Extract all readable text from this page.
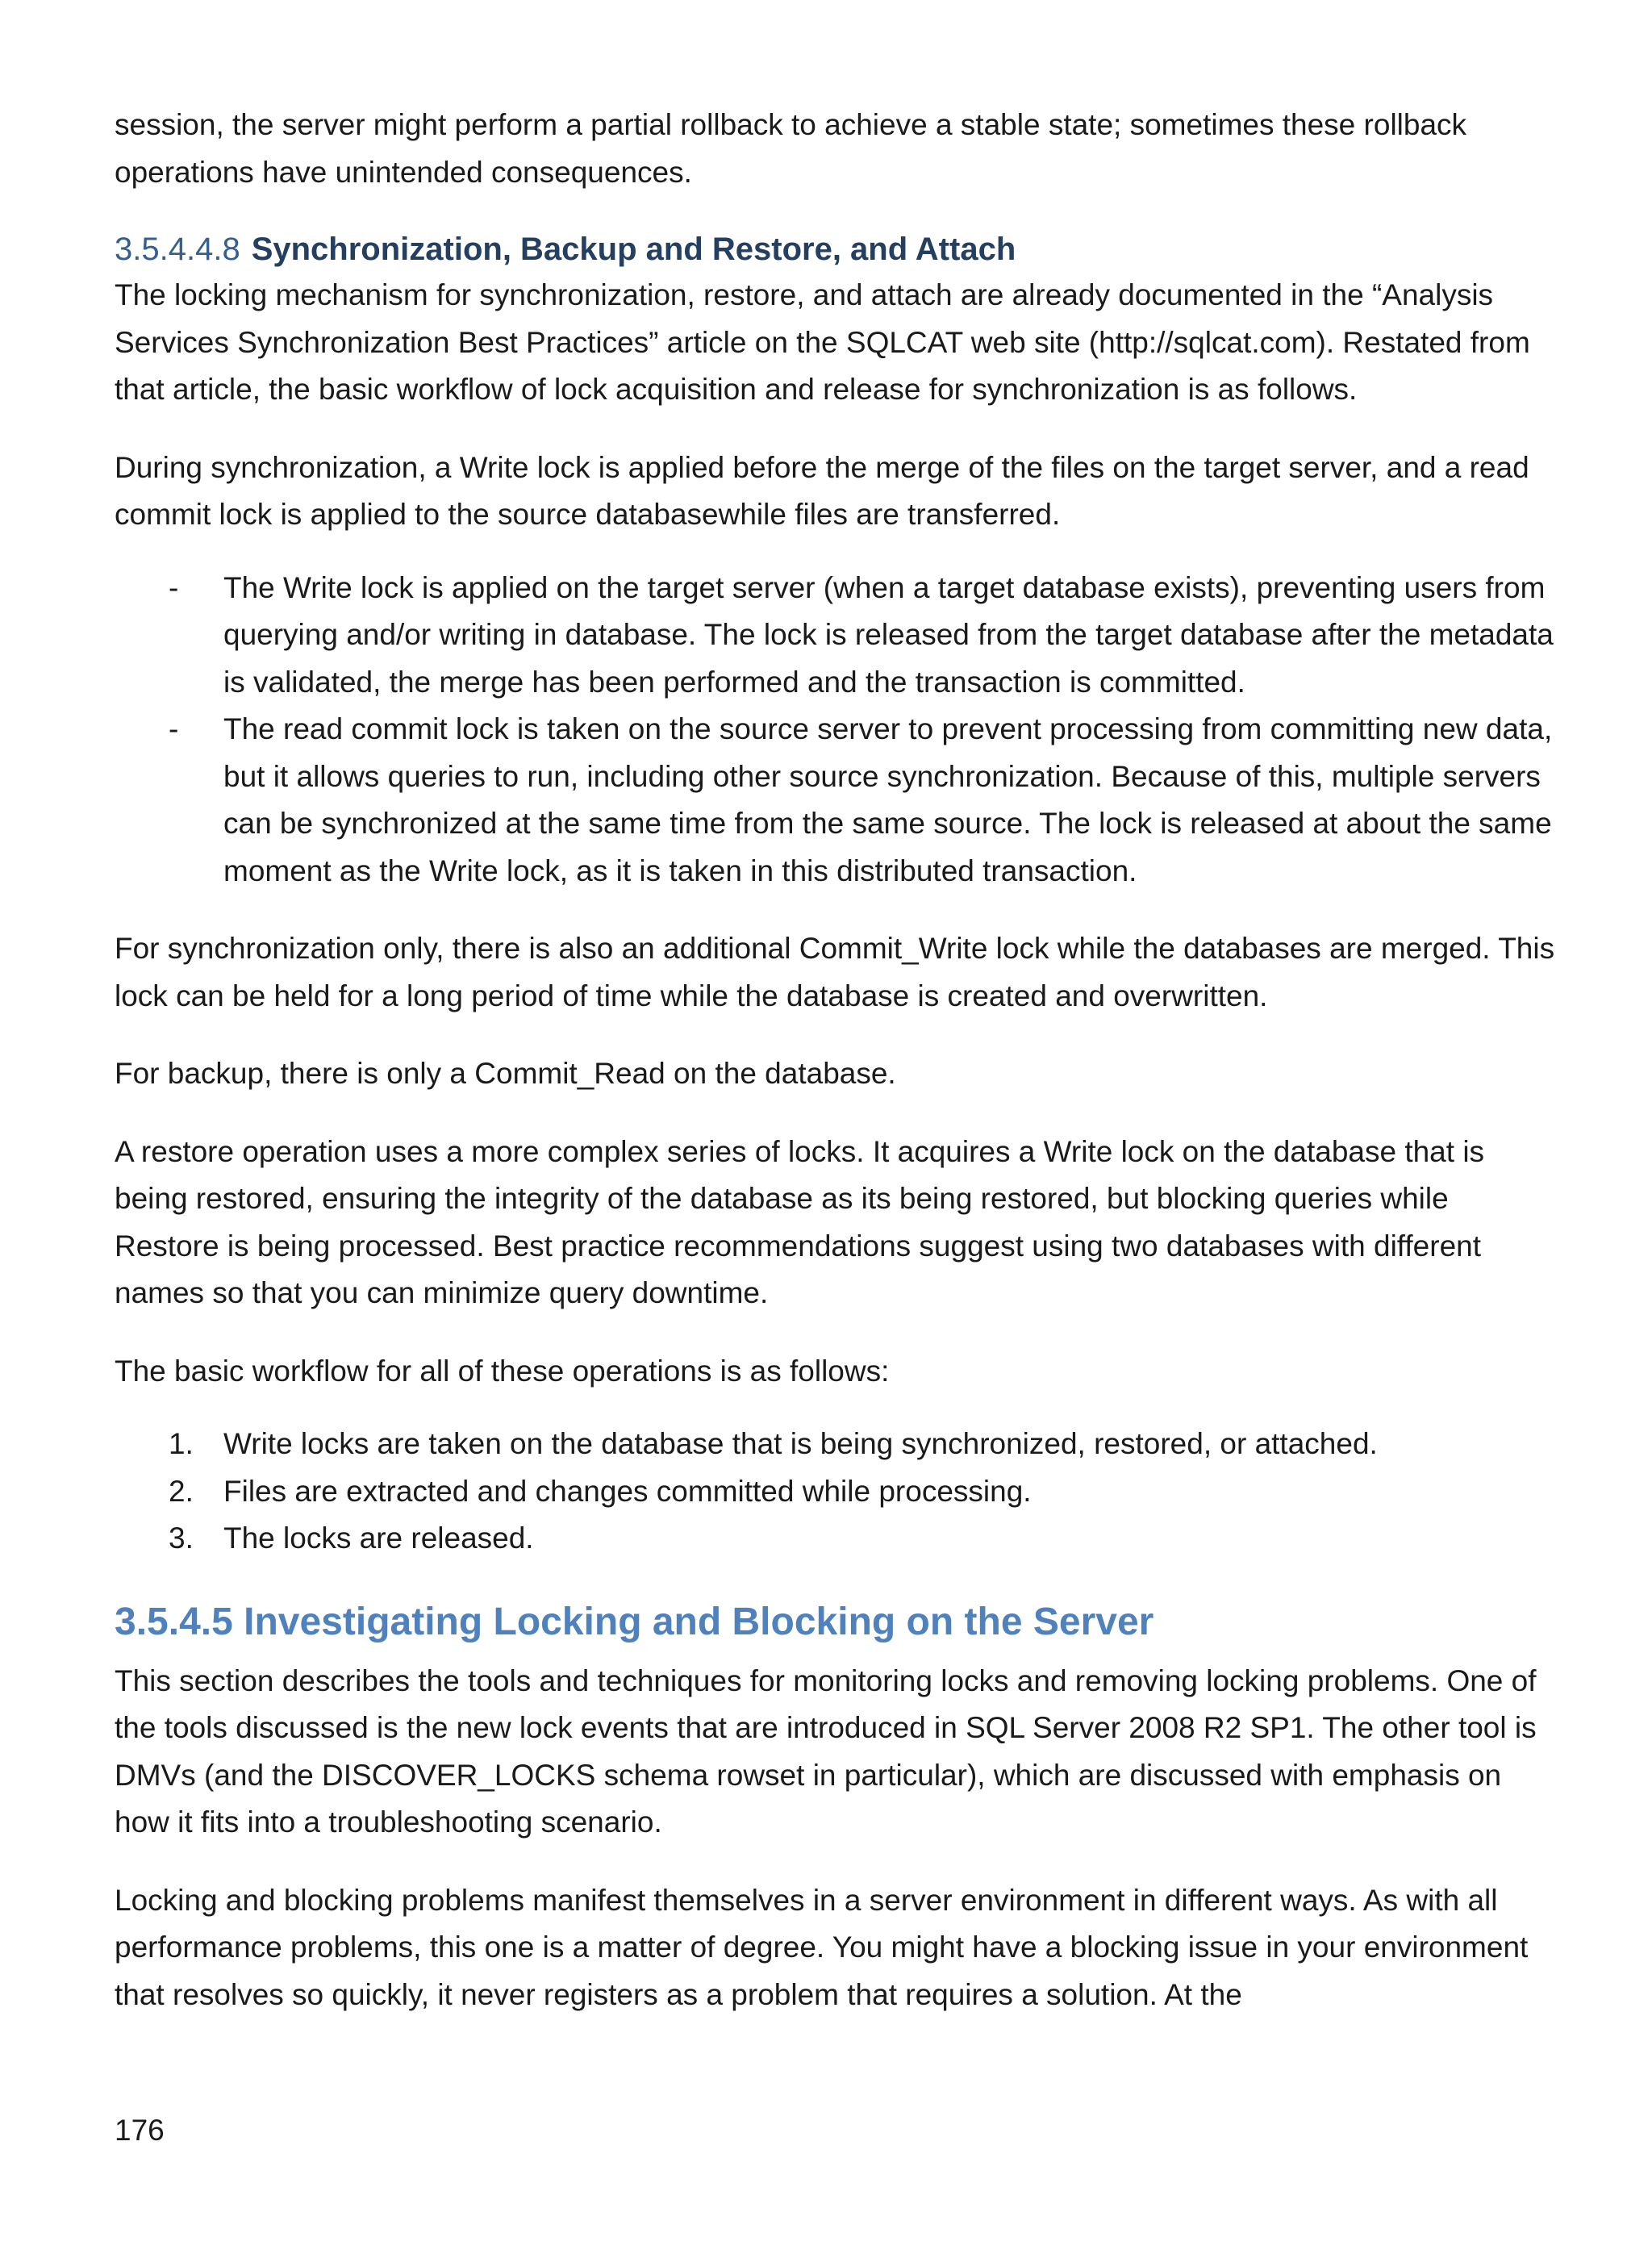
session, the server might perform a partial rollback to achieve a stable state; sometimes these rollback operations have unintended consequences.

3.5.4.4.8 Synchronization, Backup and Restore, and Attach

The locking mechanism for synchronization, restore, and attach are already documented in the “Analysis Services Synchronization Best Practices” article on the SQLCAT web site (http://sqlcat.com). Restated from that article, the basic workflow of lock acquisition and release for synchronization is as follows.

During synchronization, a Write lock is applied before the merge of the files on the target server, and a read commit lock is applied to the source databasewhile files are transferred.

- The Write lock is applied on the target server (when a target database exists), preventing users from querying and/or writing in database. The lock is released from the target database after the metadata is validated, the merge has been performed and the transaction is committed.
- The read commit lock is taken on the source server to prevent processing from committing new data, but it allows queries to run, including other source synchronization. Because of this, multiple servers can be synchronized at the same time from the same source. The lock is released at about the same moment as the Write lock, as it is taken in this distributed transaction.

For synchronization only, there is also an additional Commit_Write lock while the databases are merged. This lock can be held for a long period of time while the database is created and overwritten.

For backup, there is only a Commit_Read on the database.

A restore operation uses a more complex series of locks. It acquires a Write lock on the database that is being restored, ensuring the integrity of the database as its being restored, but blocking queries while Restore is being processed. Best practice recommendations suggest using two databases with different names so that you can minimize query downtime.

The basic workflow for all of these operations is as follows:

1. Write locks are taken on the database that is being synchronized, restored, or attached.
2. Files are extracted and changes committed while processing.
3. The locks are released.
3.5.4.5 Investigating Locking and Blocking on the Server

This section describes the tools and techniques for monitoring locks and removing locking problems. One of the tools discussed is the new lock events that are introduced in SQL Server 2008 R2 SP1. The other tool is DMVs (and the DISCOVER_LOCKS schema rowset in particular), which are discussed with emphasis on how it fits into a troubleshooting scenario.

Locking and blocking problems manifest themselves in a server environment in different ways. As with all performance problems, this one is a matter of degree. You might have a blocking issue in your environment that resolves so quickly, it never registers as a problem that requires a solution. At the

176
